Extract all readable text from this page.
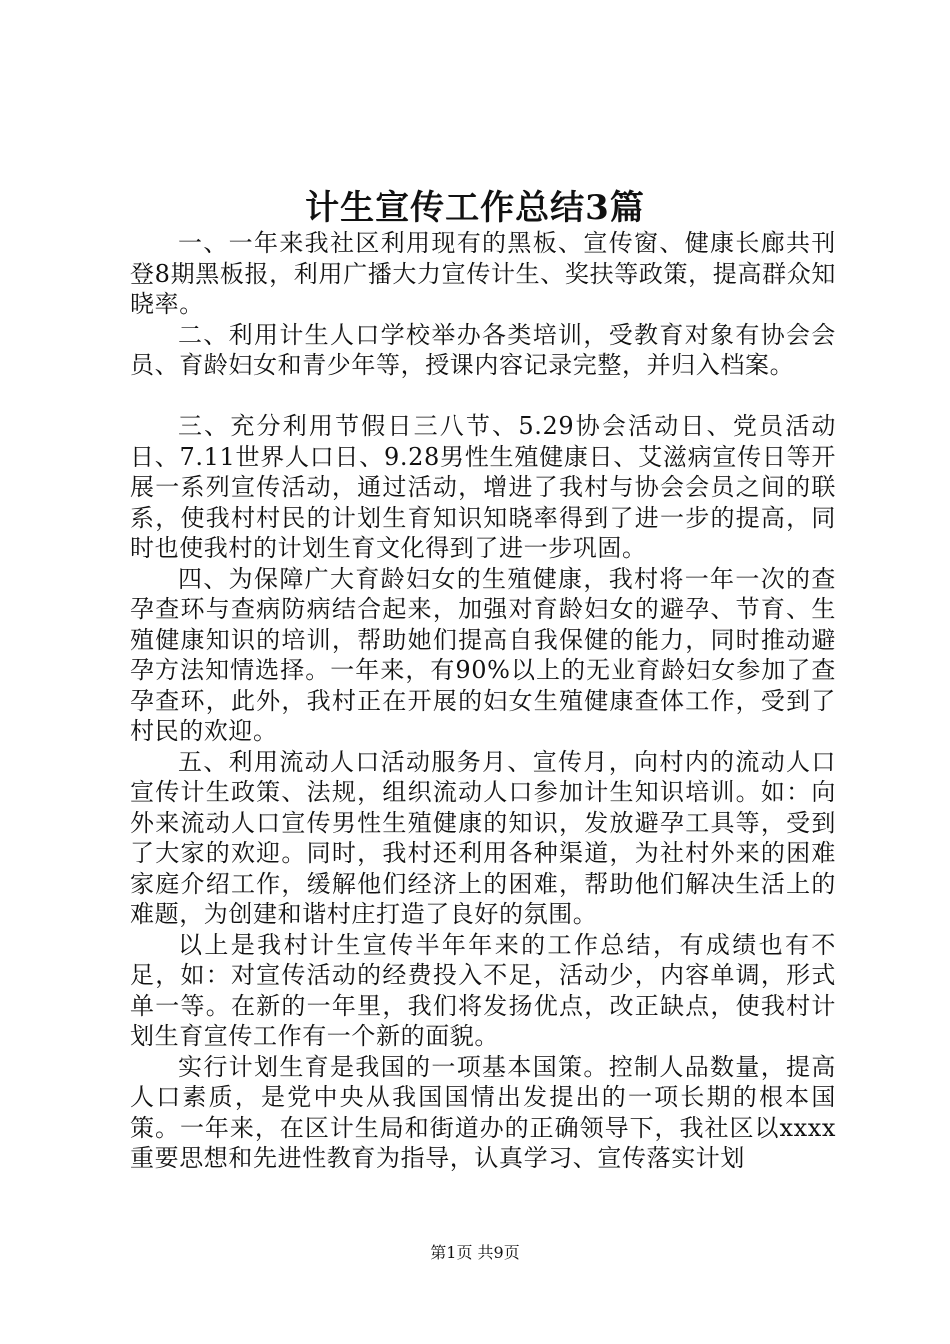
计生宣传工作总结3篇

一、一年来我社区利用现有的黑板、宣传窗、健康长廊共刊登8期黑板报，利用广播大力宣传计生、奖扶等政策，提高群众知晓率。

二、利用计生人口学校举办各类培训，受教育对象有协会会员、育龄妇女和青少年等，授课内容记录完整，并归入档案。

三、充分利用节假日三八节、5.29协会活动日、党员活动日、7.11世界人口日、9.28男性生殖健康日、艾滋病宣传日等开展一系列宣传活动，通过活动，增进了我村与协会会员之间的联系，使我村村民的计划生育知识知晓率得到了进一步的提高，同时也使我村的计划生育文化得到了进一步巩固。

四、为保障广大育龄妇女的生殖健康，我村将一年一次的查孕查环与查病防病结合起来，加强对育龄妇女的避孕、节育、生殖健康知识的培训，帮助她们提高自我保健的能力，同时推动避孕方法知情选择。一年来，有90%以上的无业育龄妇女参加了查孕查环，此外，我村正在开展的妇女生殖健康查体工作，受到了村民的欢迎。

五、利用流动人口活动服务月、宣传月，向村内的流动人口宣传计生政策、法规，组织流动人口参加计生知识培训。如：向外来流动人口宣传男性生殖健康的知识，发放避孕工具等，受到了大家的欢迎。同时，我村还利用各种渠道，为社村外来的困难家庭介绍工作，缓解他们经济上的困难，帮助他们解决生活上的难题，为创建和谐村庄打造了良好的氛围。

以上是我村计生宣传半年年来的工作总结，有成绩也有不足，如：对宣传活动的经费投入不足，活动少，内容单调，形式单一等。在新的一年里，我们将发扬优点，改正缺点，使我村计划生育宣传工作有一个新的面貌。

实行计划生育是我国的一项基本国策。控制人品数量，提高人口素质，是党中央从我国国情出发提出的一项长期的根本国策。一年来，在区计生局和街道办的正确领导下，我社区以xxxx重要思想和先进性教育为指导，认真学习、宣传落实计划

第1页 共9页
